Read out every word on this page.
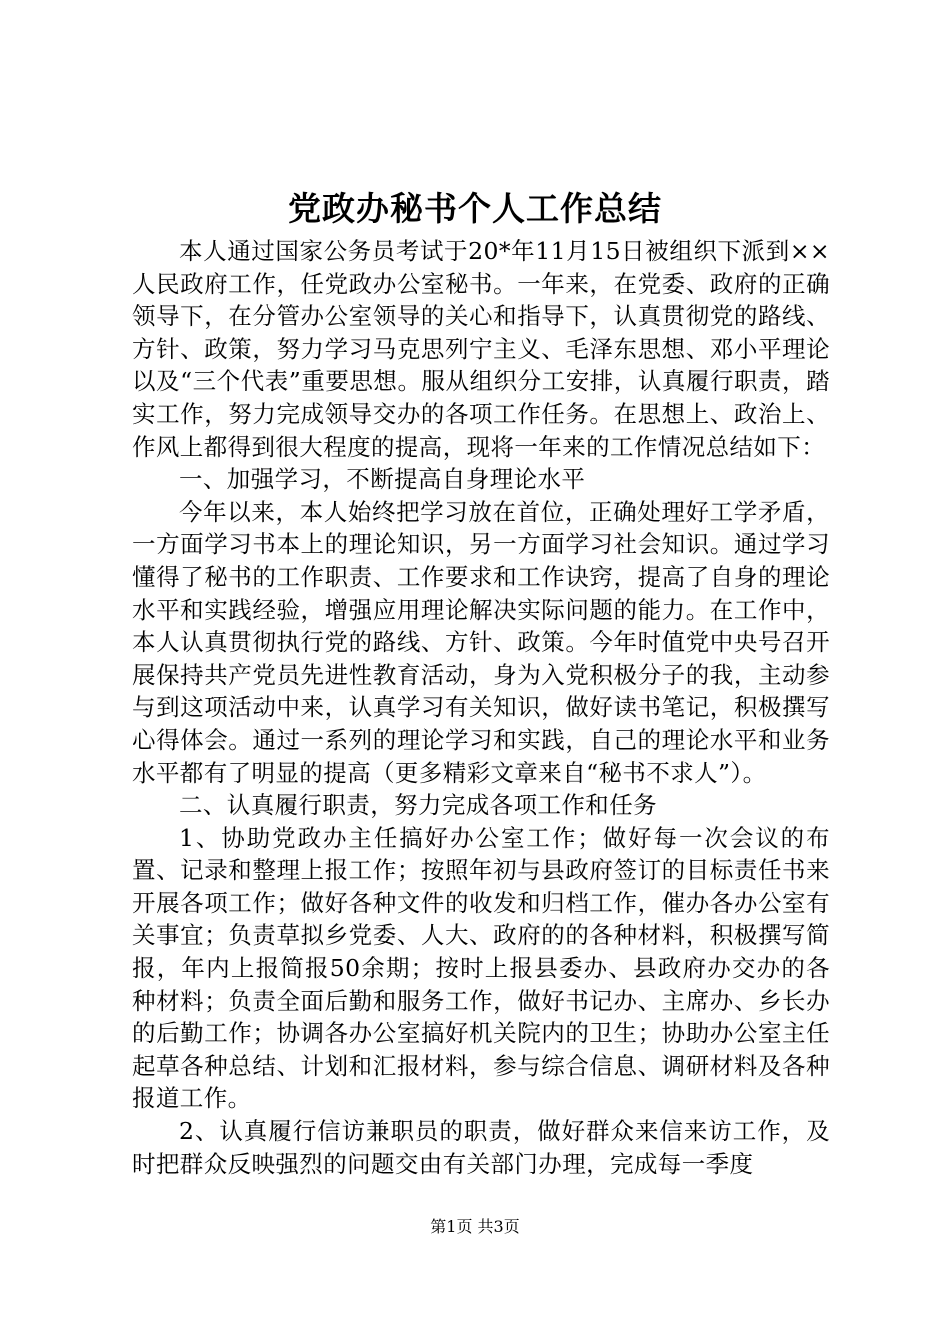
党政办秘书个人工作总结

本人通过国家公务员考试于20*年11月15日被组织下派到××人民政府工作，任党政办公室秘书。一年来，在党委、政府的正确领导下，在分管办公室领导的关心和指导下，认真贯彻党的路线、方针、政策，努力学习马克思列宁主义、毛泽东思想、邓小平理论以及“三个代表”重要思想。服从组织分工安排，认真履行职责，踏实工作，努力完成领导交办的各项工作任务。在思想上、政治上、作风上都得到很大程度的提高，现将一年来的工作情况总结如下：

一、加强学习，不断提高自身理论水平

今年以来，本人始终把学习放在首位，正确处理好工学矛盾，一方面学习书本上的理论知识，另一方面学习社会知识。通过学习懂得了秘书的工作职责、工作要求和工作诀窍，提高了自身的理论水平和实践经验，增强应用理论解决实际问题的能力。在工作中，本人认真贯彻执行党的路线、方针、政策。今年时值党中央号召开展保持共产党员先进性教育活动，身为入党积极分子的我，主动参与到这项活动中来，认真学习有关知识，做好读书笔记，积极撰写心得体会。通过一系列的理论学习和实践，自己的理论水平和业务水平都有了明显的提高（更多精彩文章来自“秘书不求人”）。

二、认真履行职责，努力完成各项工作和任务

1、协助党政办主任搞好办公室工作；做好每一次会议的布置、记录和整理上报工作；按照年初与县政府签订的目标责任书来开展各项工作；做好各种文件的收发和归档工作，催办各办公室有关事宜；负责草拟乡党委、人大、政府的的各种材料，积极撰写简报，年内上报简报50余期；按时上报县委办、县政府办交办的各种材料；负责全面后勤和服务工作，做好书记办、主席办、乡长办的后勤工作；协调各办公室搞好机关院内的卫生；协助办公室主任起草各种总结、计划和汇报材料，参与综合信息、调研材料及各种报道工作。

2、认真履行信访兼职员的职责，做好群众来信来访工作，及时把群众反映强烈的问题交由有关部门办理，完成每一季度

第1页 共3页
